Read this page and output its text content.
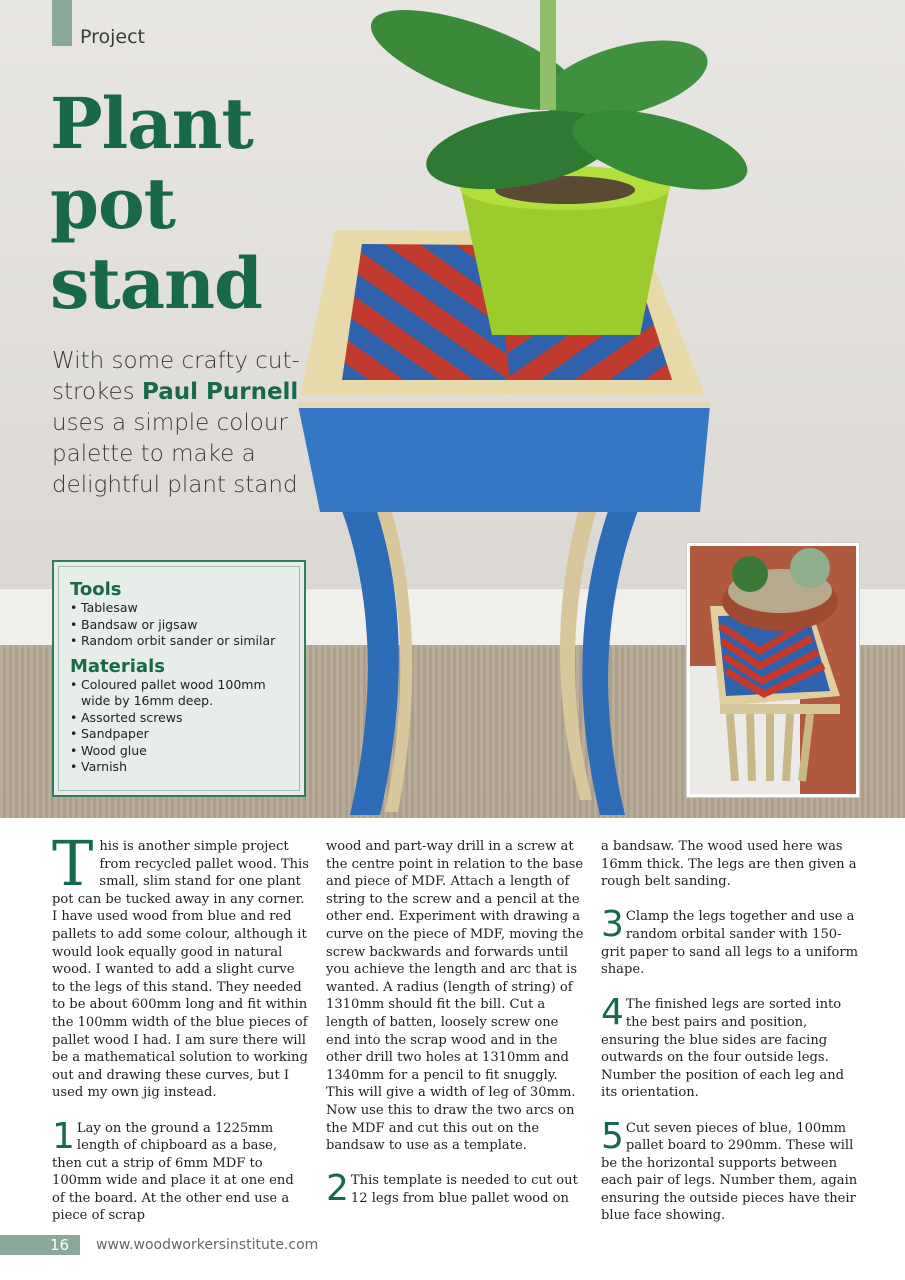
Project
Plant
pot
stand
With some crafty cut-strokes Paul Purnell uses a simple colour palette to make a delightful plant stand
Tools
• Tablesaw
• Bandsaw or jigsaw
• Random orbit sander or similar
Materials
• Coloured pallet wood 100mm wide by 16mm deep.
• Assorted screws
• Sandpaper
• Wood glue
• Varnish

This is another simple project from recycled pallet wood. This small, slim stand for one plant pot can be tucked away in any corner. I have used wood from blue and red pallets to add some colour, although it would look equally good in natural wood. I wanted to add a slight curve to the legs of this stand. They needed to be about 600mm long and fit within the 100mm width of the blue pieces of pallet wood I had. I am sure there will be a mathematical solution to working out and drawing these curves, but I used my own jig instead.

1 Lay on the ground a 1225mm length of chipboard as a base, then cut a strip of 6mm MDF to 100mm wide and place it at one end of the board. At the other end use a piece of scrap

wood and part-way drill in a screw at the centre point in relation to the base and piece of MDF. Attach a length of string to the screw and a pencil at the other end. Experiment with drawing a curve on the piece of MDF, moving the screw backwards and forwards until you achieve the length and arc that is wanted. A radius (length of string) of 1310mm should fit the bill. Cut a length of batten, loosely screw one end into the scrap wood and in the other drill two holes at 1310mm and 1340mm for a pencil to fit snuggly. This will give a width of leg of 30mm. Now use this to draw the two arcs on the MDF and cut this out on the bandsaw to use as a template.

2 This template is needed to cut out 12 legs from blue pallet wood on

a bandsaw. The wood used here was 16mm thick. The legs are then given a rough belt sanding.

3 Clamp the legs together and use a random orbital sander with 150-grit paper to sand all legs to a uniform shape.

4 The finished legs are sorted into the best pairs and position, ensuring the blue sides are facing outwards on the four outside legs. Number the position of each leg and its orientation.

5 Cut seven pieces of blue, 100mm pallet board to 290mm. These will be the horizontal supports between each pair of legs. Number them, again ensuring the outside pieces have their blue face showing.

16 www.woodworkersinstitute.com
